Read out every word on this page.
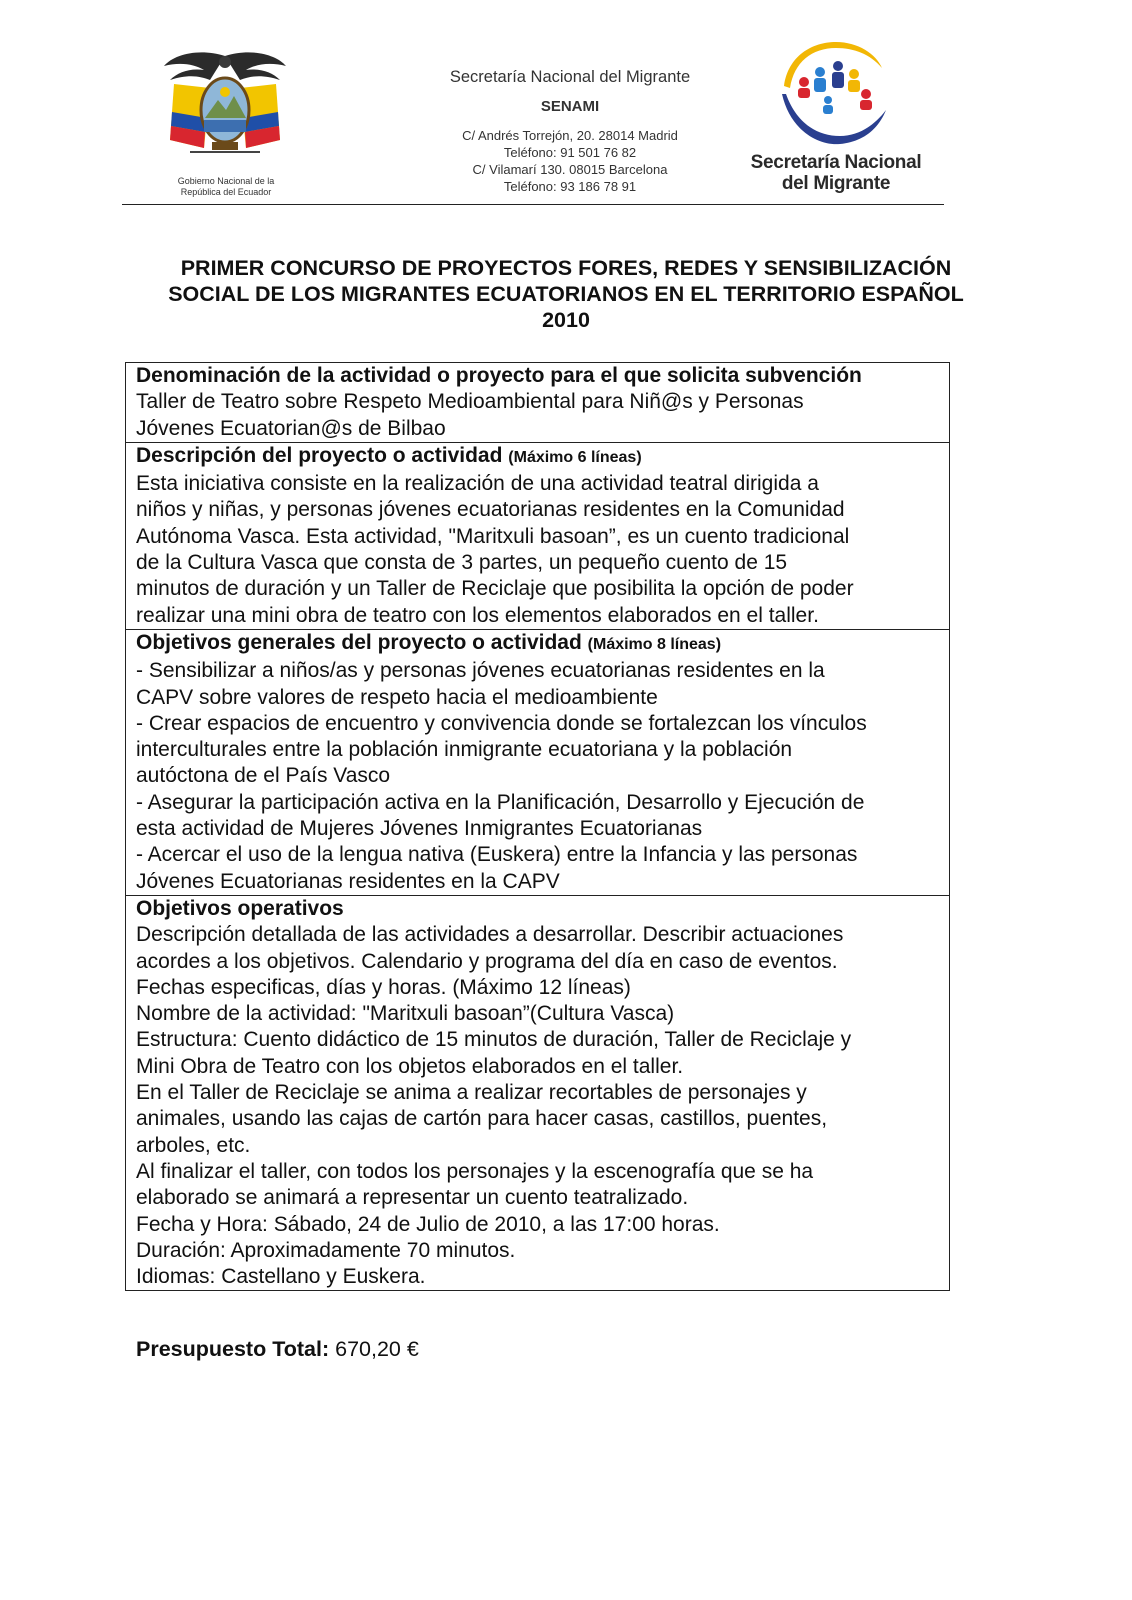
Gobierno Nacional de la
República del Ecuador
Secretaría Nacional del Migrante
SENAMI
C/ Andrés Torrejón, 20. 28014 Madrid
Teléfono: 91 501 76 82
C/ Vilamarí 130. 08015 Barcelona
Teléfono: 93 186 78 91
Secretaría Nacional
del Migrante
PRIMER CONCURSO DE PROYECTOS FORES, REDES Y SENSIBILIZACIÓN
SOCIAL DE LOS MIGRANTES ECUATORIANOS EN EL TERRITORIO ESPAÑOL
2010
Denominación de la actividad o proyecto para el que solicita subvención
Taller de Teatro sobre Respeto Medioambiental para Niñ@s y Personas
Jóvenes Ecuatorian@s de Bilbao
Descripción del proyecto o actividad (Máximo 6 líneas)
Esta iniciativa consiste en la realización de una actividad teatral dirigida a
niños y niñas, y personas jóvenes ecuatorianas residentes en la Comunidad
Autónoma Vasca. Esta actividad, "Maritxuli basoan”, es un cuento tradicional
de la Cultura Vasca que consta de 3 partes, un pequeño cuento de 15
minutos de duración y un Taller de Reciclaje que posibilita la opción de poder
realizar una mini obra de teatro con los elementos elaborados en el taller.
Objetivos generales del proyecto o actividad (Máximo 8 líneas)
- Sensibilizar a niños/as y personas jóvenes ecuatorianas residentes en la
CAPV sobre valores de respeto hacia el medioambiente
- Crear espacios de encuentro y convivencia donde se fortalezcan los vínculos
interculturales entre la población inmigrante ecuatoriana y la población
autóctona de el País Vasco
- Asegurar la participación activa en la Planificación, Desarrollo y Ejecución de
esta actividad de Mujeres Jóvenes Inmigrantes Ecuatorianas
- Acercar el uso de la lengua nativa (Euskera) entre la Infancia y las personas
Jóvenes Ecuatorianas residentes en la CAPV
Objetivos operativos
Descripción detallada de las actividades a desarrollar. Describir actuaciones
acordes a los objetivos. Calendario y programa del día en caso de eventos.
Fechas especificas, días y horas. (Máximo 12 líneas)
Nombre de la actividad: "Maritxuli basoan”(Cultura Vasca)
Estructura: Cuento didáctico de 15 minutos de duración, Taller de Reciclaje y
Mini Obra de Teatro con los objetos elaborados en el taller.
En el Taller de Reciclaje se anima a realizar recortables de personajes y
animales, usando las cajas de cartón para hacer casas, castillos, puentes,
arboles, etc.
Al finalizar el taller, con todos los personajes y la escenografía que se ha
elaborado se animará a representar un cuento teatralizado.
Fecha y Hora: Sábado, 24 de Julio de 2010, a las 17:00 horas.
Duración: Aproximadamente 70 minutos.
Idiomas: Castellano y Euskera.
Presupuesto Total: 670,20 €
